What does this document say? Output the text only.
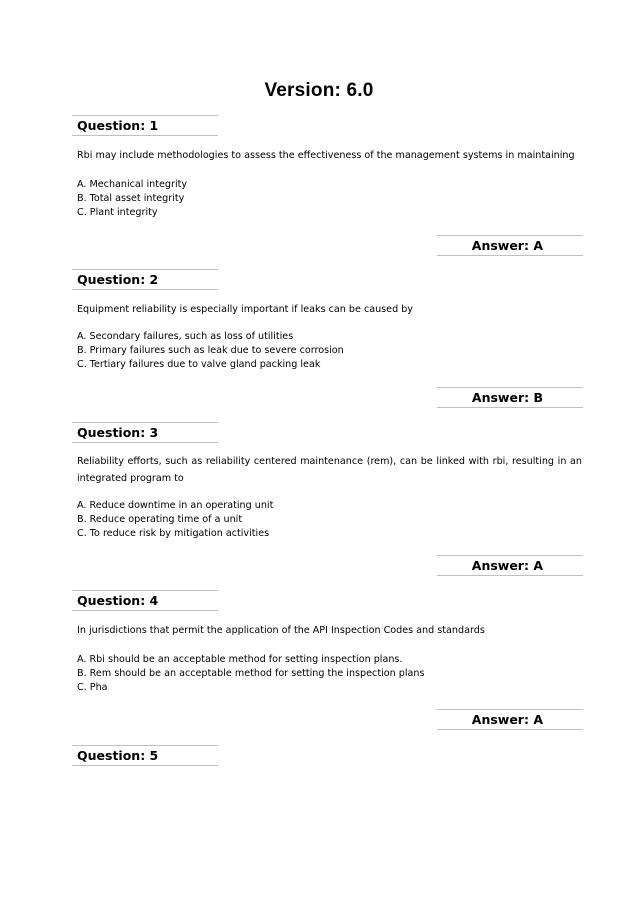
Version: 6.0
Question: 1
Rbi may include methodologies to assess the effectiveness of the management systems in maintaining
A. Mechanical integrity
B. Total asset integrity
C. Plant integrity
Answer: A
Question: 2
Equipment reliability is especially important if leaks can be caused by
A. Secondary failures, such as loss of utilities
B. Primary failures such as leak due to severe corrosion
C. Tertiary failures due to valve gland packing leak
Answer: B
Question: 3
Reliability efforts, such as reliability centered maintenance (rem), can be linked with rbi, resulting in an integrated program to
A. Reduce downtime in an operating unit
B. Reduce operating time of a unit
C. To reduce risk by mitigation activities
Answer: A
Question: 4
In jurisdictions that permit the application of the API Inspection Codes and standards
A. Rbi should be an acceptable method for setting inspection plans.
B. Rem should be an acceptable method for setting the inspection plans
C. Pha
Answer: A
Question: 5
